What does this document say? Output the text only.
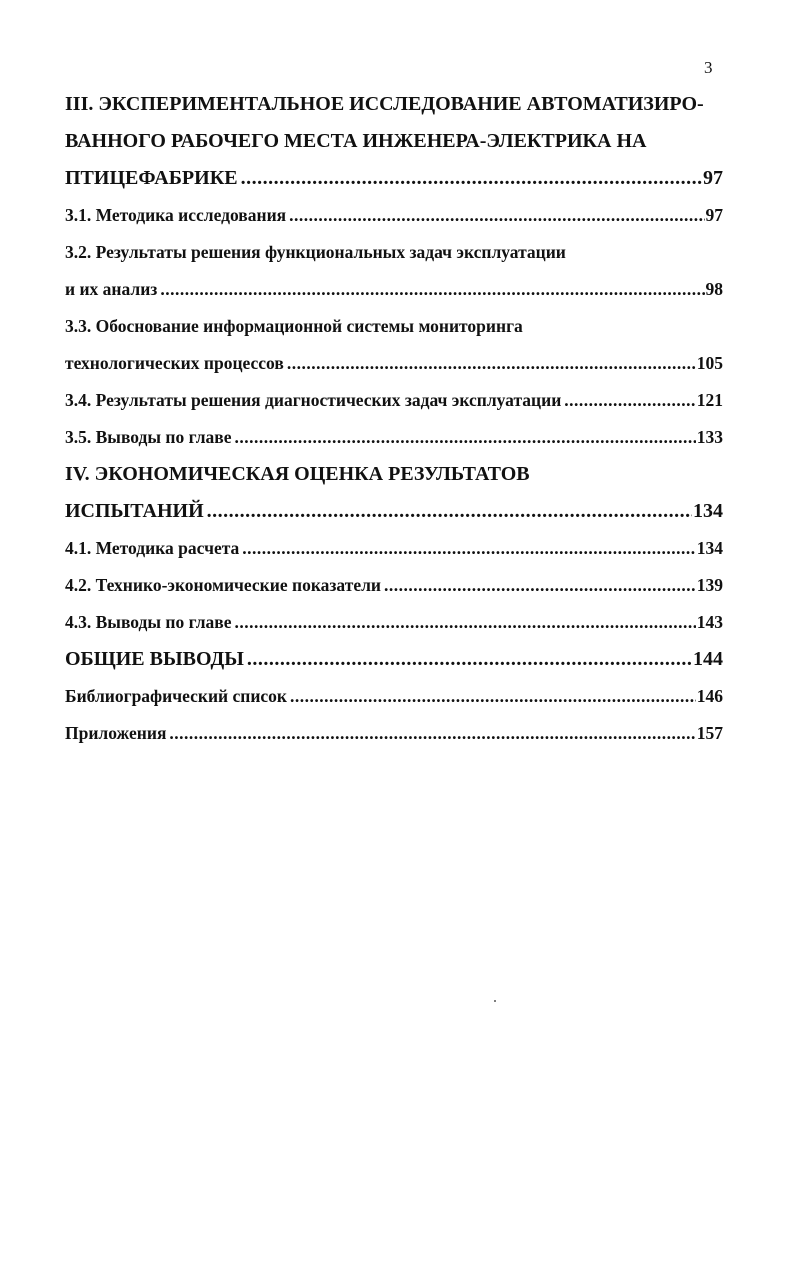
3
III. ЭКСПЕРИМЕНТАЛЬНОЕ ИССЛЕДОВАНИЕ АВТОМАТИЗИРО-
ВАННОГО РАБОЧЕГО МЕСТА ИНЖЕНЕРА-ЭЛЕКТРИКА НА
ПТИЦЕФАБРИКЕ .....	97
3.1. Методика исследования .....	97
3.2. Результаты решения функциональных задач эксплуатации
и их анализ .....	98
3.3. Обоснование информационной системы мониторинга
технологических процессов .....	105
3.4. Результаты решения диагностических задач эксплуатации .....	121
3.5. Выводы по главе .....	133
IV. ЭКОНОМИЧЕСКАЯ ОЦЕНКА РЕЗУЛЬТАТОВ
ИСПЫТАНИЙ .....	134
4.1. Методика расчета .....	134
4.2. Технико-экономические показатели .....	139
4.3. Выводы по главе .....	143
ОБЩИЕ ВЫВОДЫ .....	144
Библиографический список .....	146
Приложения .....	157
